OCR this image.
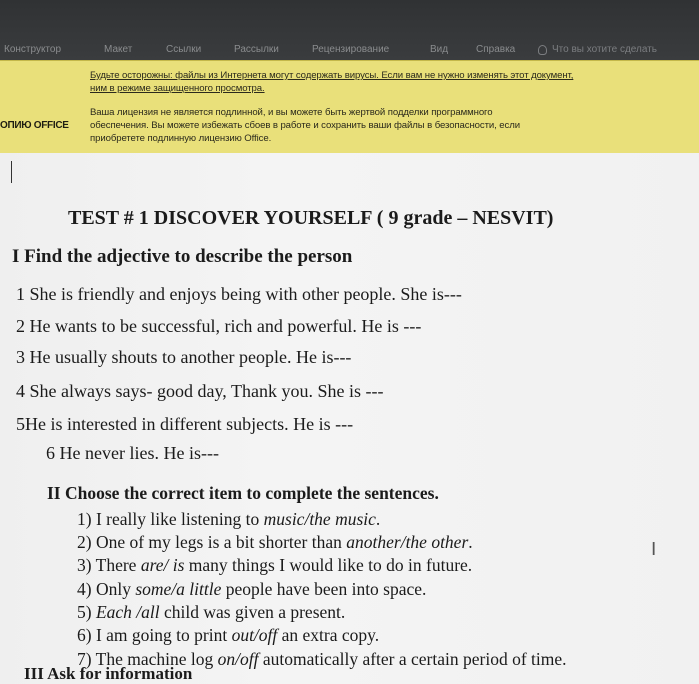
Конструктор	Макет	Ссылки	Рассылки	Рецензирование	Вид	Справка	Что вы хотите сделать
ОПИЮ OFFICE
Будьте осторожны: файлы из Интернета могут содержать вирусы. Если вам не нужно изменять этот документ,
ним в режиме защищенного просмотра.
Ваша лицензия не является подлинной, и вы можете быть жертвой подделки программного
обеспечения. Вы можете избежать сбоев в работе и сохранить ваши файлы в безопасности, если
приобретете подлинную лицензию Office.
TEST # 1 DISCOVER YOURSELF ( 9 grade – NESVIT)
I Find the adjective to describe the person
1 She is friendly and enjoys being with other people. She is---
2 He wants to be successful, rich and powerful. He is ---
3 He usually shouts to another people. He is---
4 She always says- good day, Thank you. She is ---
5He is interested in different subjects. He is ---
6 He never lies. He is---
II Choose the correct item to complete the sentences.
1) I really like listening to music/the music.
2) One of my legs is a bit shorter than another/the other.
3) There are/ is many things I would like to do in future.
4) Only some/a little people have been into space.
5) Each /all child was given a present.
6) I am going to print out/off an extra copy.
7) The machine log on/off automatically after a certain period of time.
III Ask for information
I
